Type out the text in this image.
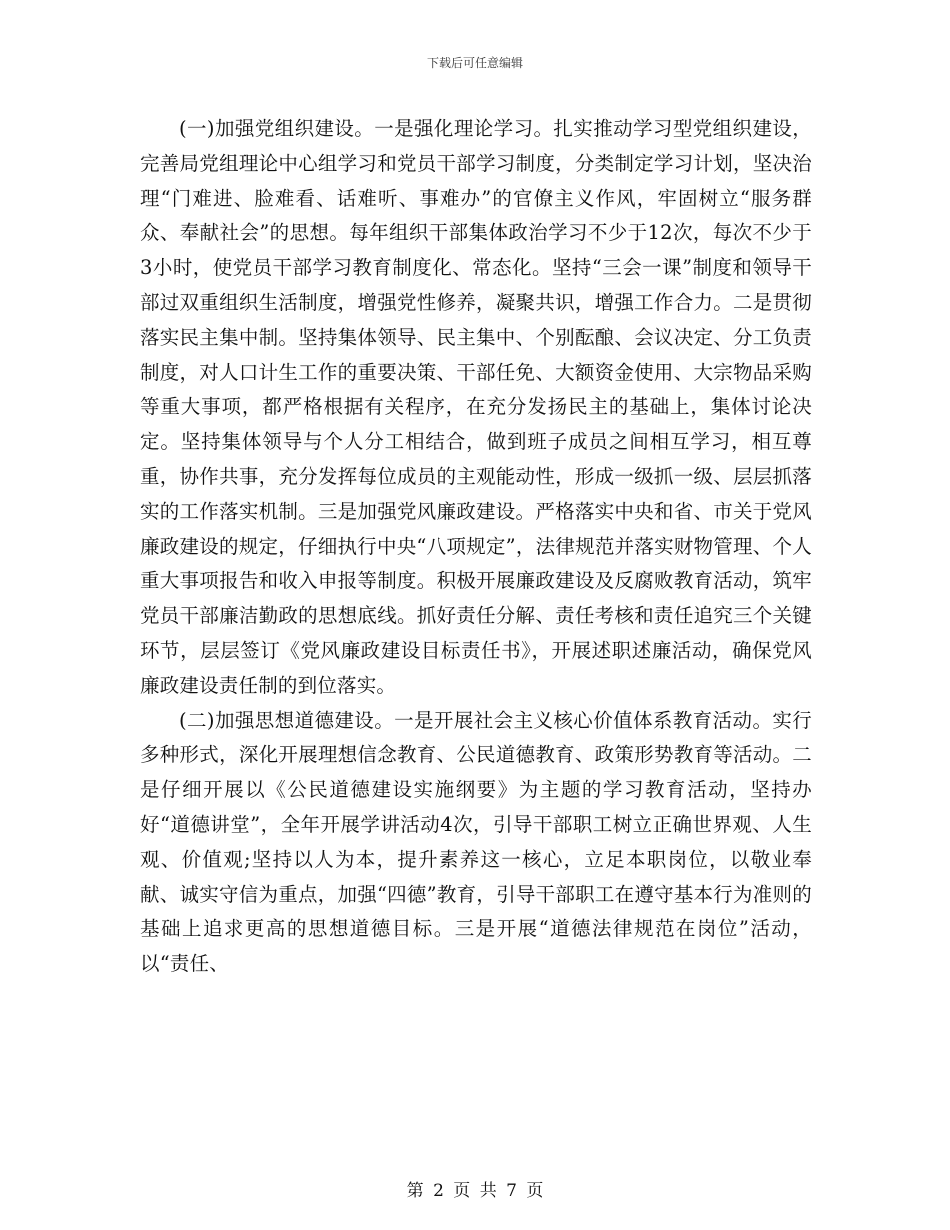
下载后可任意编辑

(一)加强党组织建设。一是强化理论学习。扎实推动学习型党组织建设，完善局党组理论中心组学习和党员干部学习制度，分类制定学习计划，坚决治理“门难进、脸难看、话难听、事难办”的官僚主义作风，牢固树立“服务群众、奉献社会”的思想。每年组织干部集体政治学习不少于12次，每次不少于3小时，使党员干部学习教育制度化、常态化。坚持“三会一课”制度和领导干部过双重组织生活制度，增强党性修养，凝聚共识，增强工作合力。二是贯彻落实民主集中制。坚持集体领导、民主集中、个别酝酿、会议决定、分工负责制度，对人口计生工作的重要决策、干部任免、大额资金使用、大宗物品采购等重大事项，都严格根据有关程序，在充分发扬民主的基础上，集体讨论决定。坚持集体领导与个人分工相结合，做到班子成员之间相互学习，相互尊重，协作共事，充分发挥每位成员的主观能动性，形成一级抓一级、层层抓落实的工作落实机制。三是加强党风廉政建设。严格落实中央和省、市关于党风廉政建设的规定，仔细执行中央“八项规定”，法律规范并落实财物管理、个人重大事项报告和收入申报等制度。积极开展廉政建设及反腐败教育活动，筑牢党员干部廉洁勤政的思想底线。抓好责任分解、责任考核和责任追究三个关键环节，层层签订《党风廉政建设目标责任书》，开展述职述廉活动，确保党风廉政建设责任制的到位落实。

(二)加强思想道德建设。一是开展社会主义核心价值体系教育活动。实行多种形式，深化开展理想信念教育、公民道德教育、政策形势教育等活动。二是仔细开展以《公民道德建设实施纲要》为主题的学习教育活动，坚持办好“道德讲堂”，全年开展学讲活动4次，引导干部职工树立正确世界观、人生观、价值观;坚持以人为本，提升素养这一核心，立足本职岗位，以敬业奉献、诚实守信为重点，加强“四德”教育，引导干部职工在遵守基本行为准则的基础上追求更高的思想道德目标。三是开展“道德法律规范在岗位”活动，以“责任、

第 2 页 共 7 页
